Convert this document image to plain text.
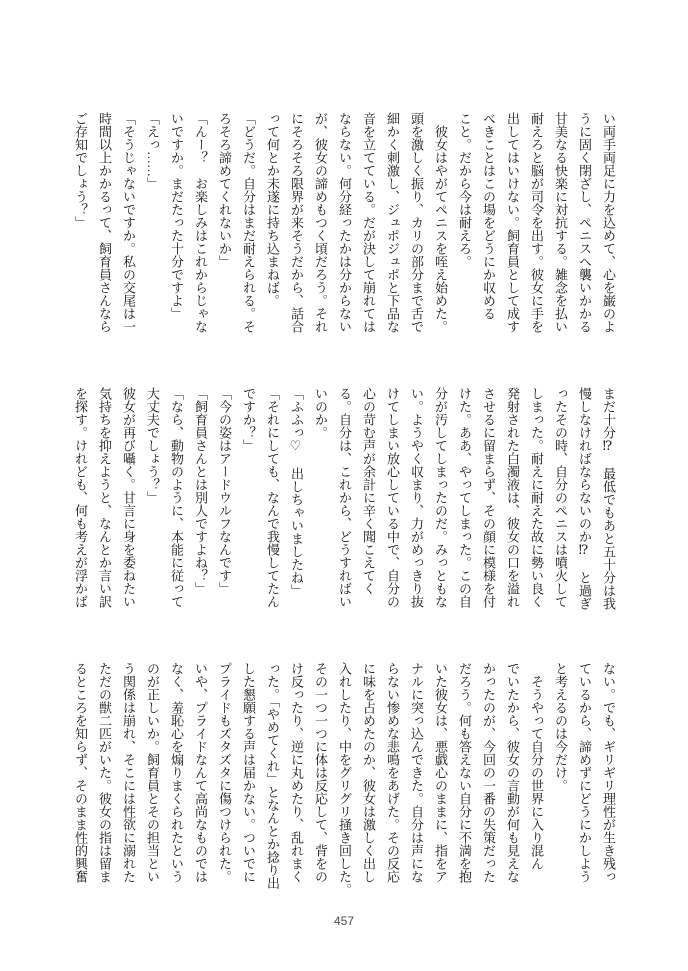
い両手両足に力を込めて、心を巌のよ

うに固く閉ざし、ペニスへ襲いかかる

甘美なる快楽に対抗する。雑念を払い

耐えろと脳が司令を出す。彼女に手を

出してはいけない。飼育員として成す

べきことはこの場をどうにか収める

こと。だから今は耐えろ。

　彼女はやがてペニスを咥え始めた。

頭を激しく振り、カリの部分まで舌で

細かく刺激し、ジュポジュポと下品な

音を立てている。だが決して崩れては

ならない。何分経ったかは分からない

が、彼女の諦めもつく頃だろう。それ

にそろそろ限界が来そうだから、話合

って何とか未遂に持ち込まねば。

「どうだ。自分はまだ耐えられる。そ

ろそろ諦めてくれないか」

「んー？　お楽しみはこれからじゃな

いですか。まだたった十分ですよ」

「えっ……」

「そうじゃないですか。私の交尾は一

時間以上かかるって、飼育員さんなら

ご存知でしょう？」

まだ十分⁉　最低でもあと五十分は我

慢しなければならないのか⁉　と過ぎ

ったその時、自分のペニスは噴火して

しまった。耐えに耐えた故に勢い良く

発射された白濁液は、彼女の口を溢れ

させるに留まらず、その顔に模様を付

けた。ああ、やってしまった。この自

分が汚してしまったのだ。みっともな

い。ようやく収まり、力がめっきり抜

けてしまい放心している中で、自分の

心の苛む声が余計に辛く聞こえてく

る。自分は、これから、どうすればい

いのか。

「ふふっ♡　出しちゃいましたね」

「それにしても、なんで我慢してたん

ですか？」

「今の姿はアードウルフなんです」

「飼育員さんとは別人ですよね？」

「なら、動物のように、本能に従って

大丈夫でしょう？」

彼女が再び囁く。甘言に身を委ねたい

気持ちを抑えようと、なんとか言い訳

を探す。けれども、何も考えが浮かば

ない。でも、ギリギリ理性が生き残っ

ているから、諦めずにどうにかしよう

と考えるのは今だけ。

　そうやって自分の世界に入り混ん

でいたから、彼女の言動が何も見えな

かったのが、今回の一番の失策だった

だろう。何も答えない自分に不満を抱

いた彼女は、悪戯心のままに、指をア

ナルに突っ込んできた。自分は声にな

らない惨めな悲鳴をあげた。その反応

に味を占めたのか、彼女は激しく出し

入れしたり、中をグリグリ掻き回した。

その一つ一つに体は反応して、背をの

け反ったり、逆に丸めたり、乱れまく

った。「やめてくれ」となんとか捻り出

した懇願する声は届かない。ついでに

プライドもズタズタに傷つけられた。

いや、プライドなんて高尚なものでは

なく、羞恥心を煽りまくられたという

のが正しいか。飼育員とその担当とい

う関係は崩れ、そこには性欲に溺れた

ただの獣二匹がいた。彼女の指は留ま

るところを知らず、そのまま性的興奮

457
